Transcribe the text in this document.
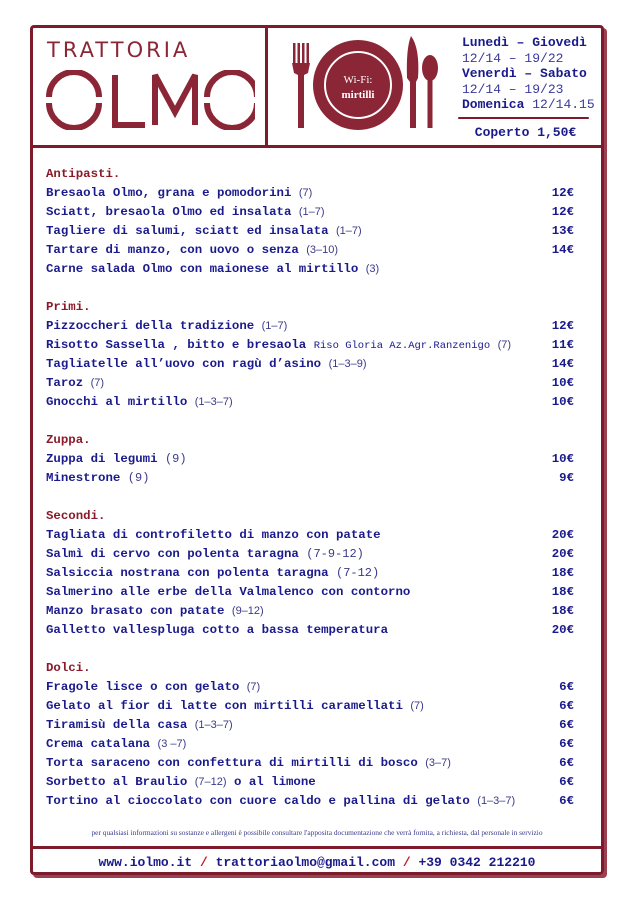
TRATTORIA
Wi-Fi:
mirtilli
Lunedì – Giovedì
12/14 – 19/22
Venerdì – Sabato
12/14 – 19/23
Domenica 12/14.15
Coperto 1,50€
Antipasti.
Bresaola Olmo, grana e pomodorini (7)	12€
Sciatt, bresaola Olmo ed insalata (1–7)	12€
Tagliere di salumi, sciatt ed insalata (1–7)	13€
Tartare di manzo, con uovo o senza (3–10)	14€
Carne salada Olmo con maionese al mirtillo (3)
Primi.
Pizzoccheri della tradizione (1–7)	12€
Risotto Sassella , bitto e bresaola Riso Gloria Az.Agr.Ranzenigo (7)	11€
Tagliatelle all’uovo con ragù d’asino (1–3–9)	14€
Taroz (7)	10€
Gnocchi al mirtillo (1–3–7)	10€
Zuppa.
Zuppa di legumi (9)	10€
Minestrone (9)	9€
Secondi.
Tagliata di controfiletto di manzo con patate	20€
Salmì di cervo con polenta taragna (7-9-12)	20€
Salsiccia nostrana con polenta taragna (7-12)	18€
Salmerino alle erbe della Valmalenco con contorno	18€
Manzo brasato con patate (9–12)	18€
Galletto vallespluga cotto a bassa temperatura	20€
Dolci.
Fragole lisce o con gelato (7)	6€
Gelato al fior di latte con mirtilli caramellati (7)	6€
Tiramisù della casa (1–3–7)	6€
Crema catalana (3 –7)	6€
Torta saraceno con confettura di mirtilli di bosco (3–7)	6€
Sorbetto al Braulio (7–12) o al limone	6€
Tortino al cioccolato con cuore caldo e pallina di gelato (1–3–7)	6€
per qualsiasi informazioni su sostanze e allergeni è possibile consultare l'apposita documentazione che verrà fornita, a richiesta, dal personale in servizio
www.iolmo.it / trattoriaolmo@gmail.com / +39 0342 212210
